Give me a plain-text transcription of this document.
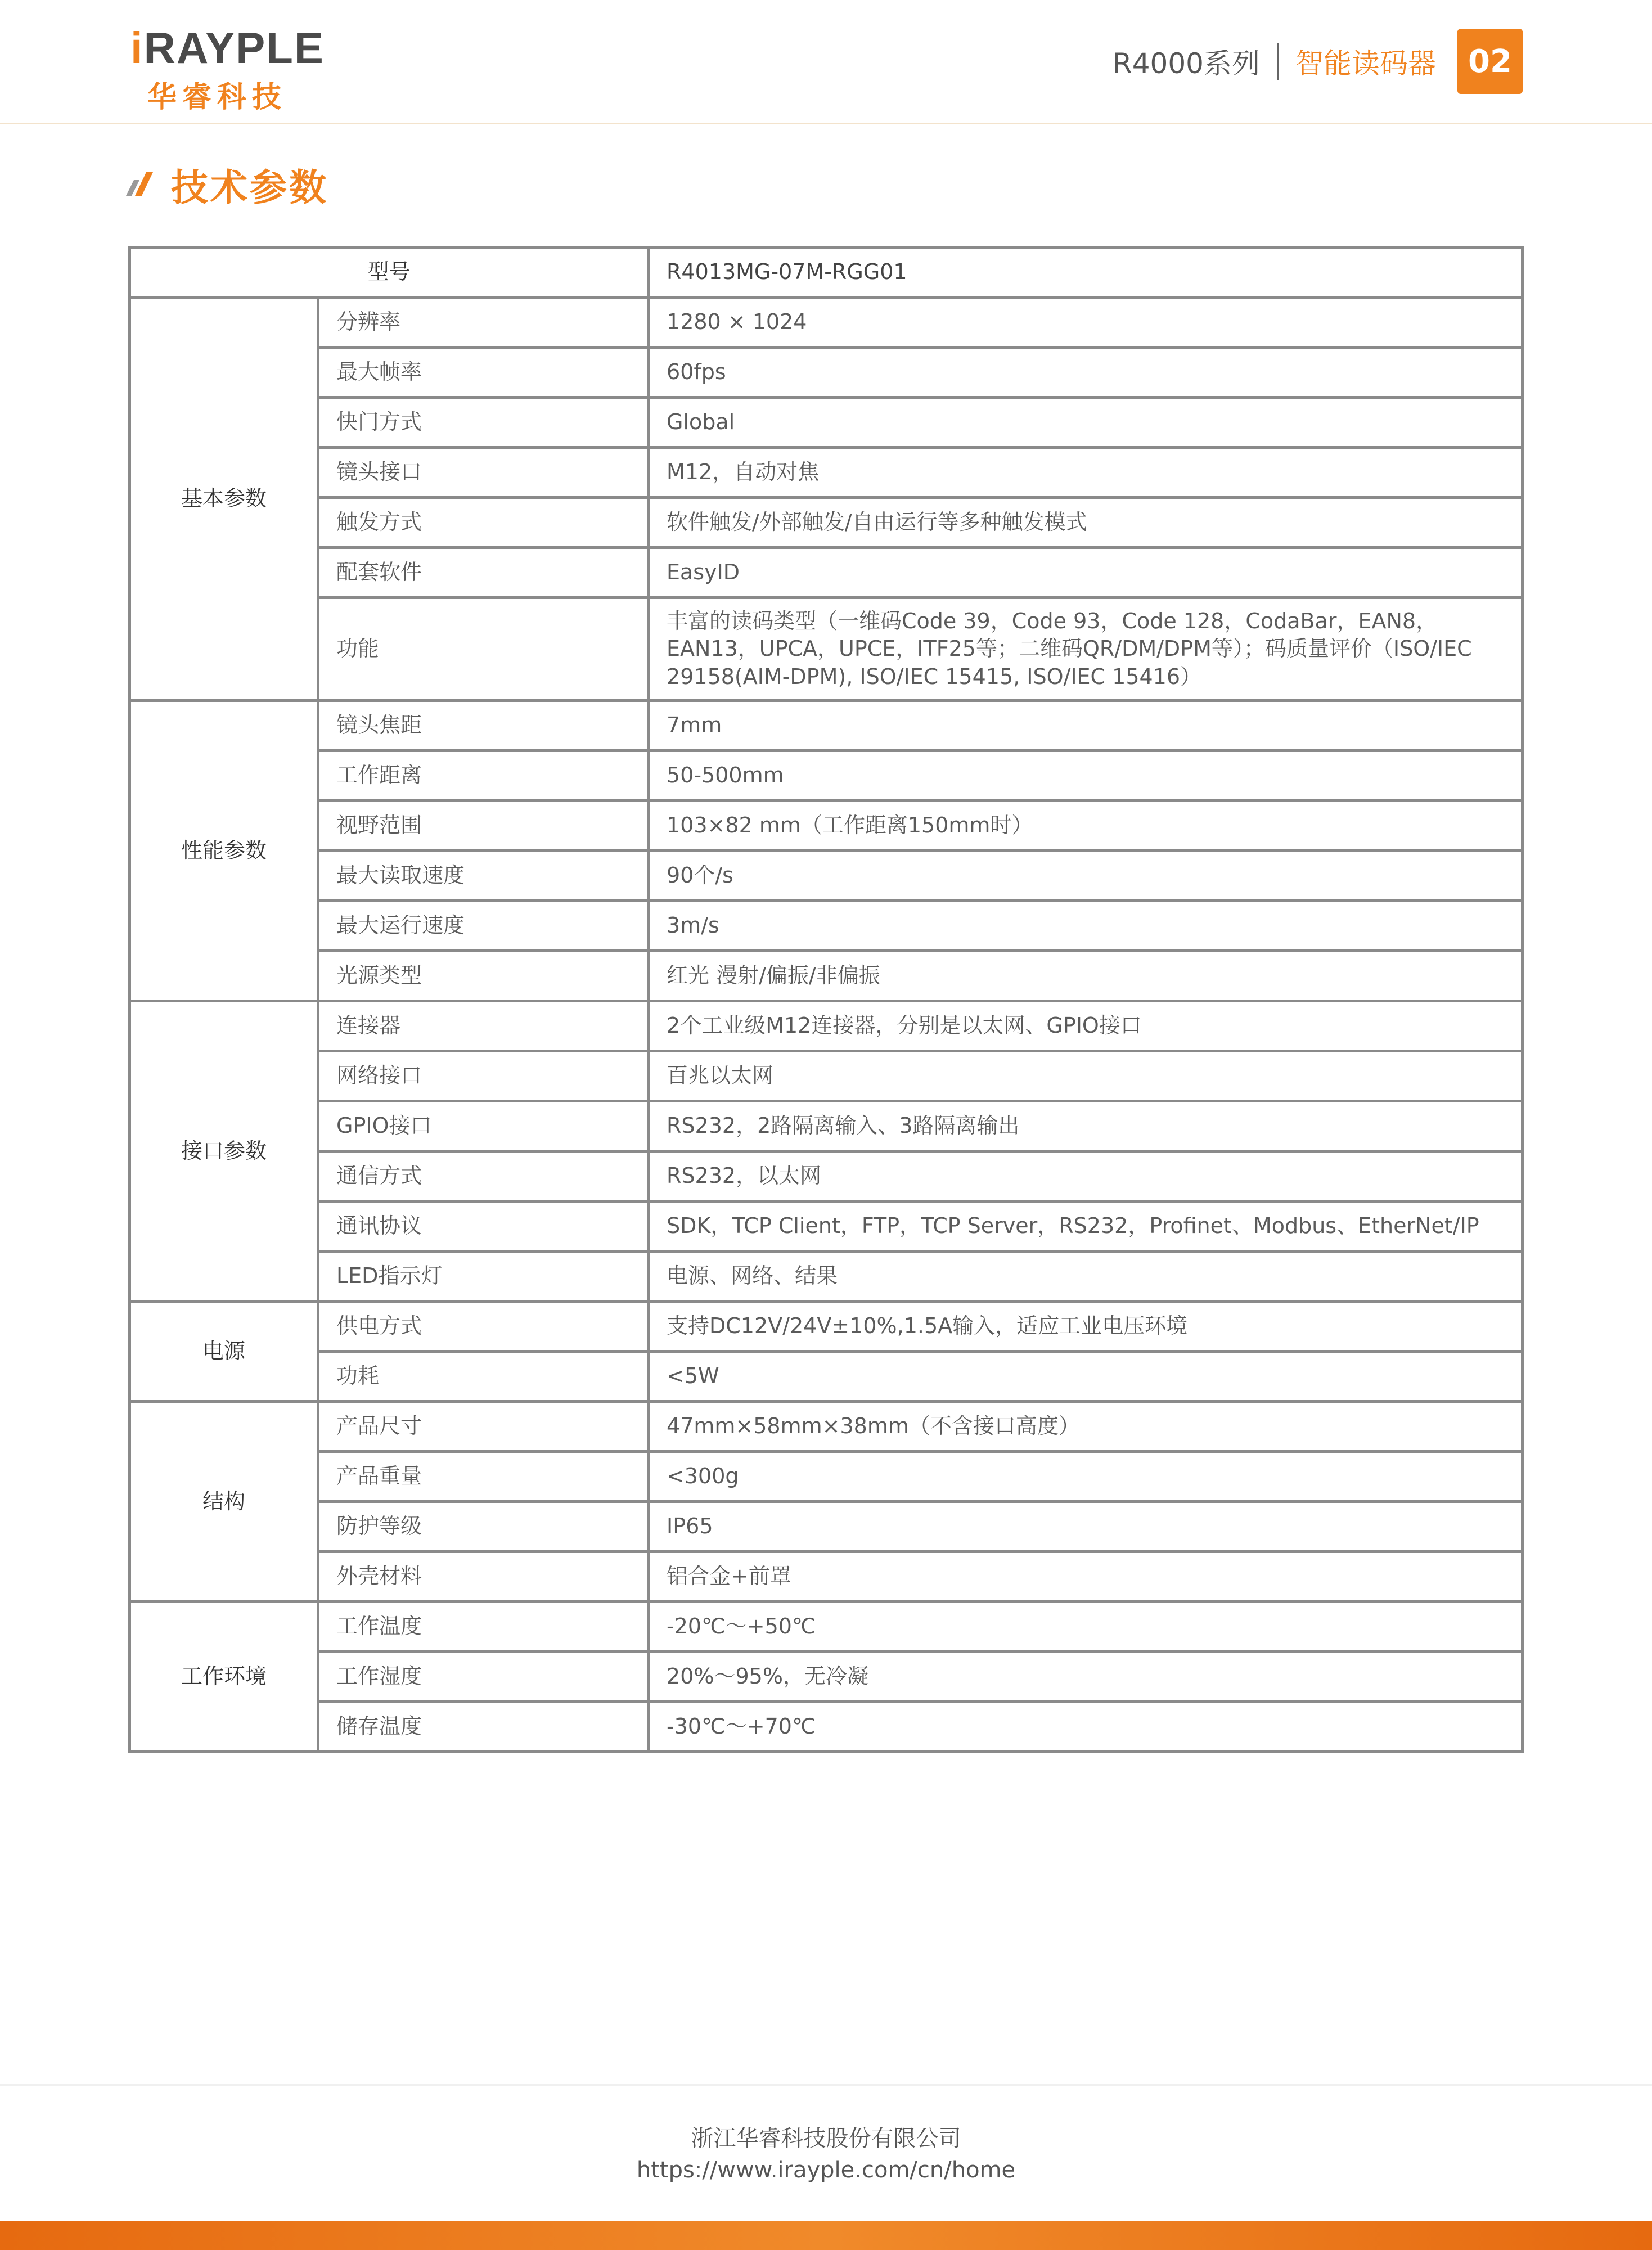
iRAYPLE
华睿科技
R4000系列 智能读码器	02
技术参数
型号		R4013MG-07M-RGG01
基本参数	分辨率	1280 × 1024
	最大帧率	60fps
	快门方式	Global
	镜头接口	M12，自动对焦
	触发方式	软件触发/外部触发/自由运行等多种触发模式
	配套软件	EasyID
	功能	丰富的读码类型（一维码Code 39，Code 93，Code 128，CodaBar，EAN8，EAN13，UPCA，UPCE，ITF25等；二维码QR/DM/DPM等）；码质量评价（ISO/IEC 29158(AIM-DPM), ISO/IEC 15415, ISO/IEC 15416）
性能参数	镜头焦距	7mm
	工作距离	50-500mm
	视野范围	103×82 mm（工作距离150mm时）
	最大读取速度	90个/s
	最大运行速度	3m/s
	光源类型	红光 漫射/偏振/非偏振
接口参数	连接器	2个工业级M12连接器，分别是以太网、GPIO接口
	网络接口	百兆以太网
	GPIO接口	RS232，2路隔离输入、3路隔离输出
	通信方式	RS232，以太网
	通讯协议	SDK，TCP Client，FTP，TCP Server，RS232，Profinet、Modbus、EtherNet/IP
	LED指示灯	电源、网络、结果
电源	供电方式	支持DC12V/24V±10%,1.5A输入，适应工业电压环境
	功耗	<5W
结构	产品尺寸	47mm×58mm×38mm（不含接口高度）
	产品重量	<300g
	防护等级	IP65
	外壳材料	铝合金+前罩
工作环境	工作温度	-20℃～+50℃
	工作湿度	20%～95%，无冷凝
	储存温度	-30℃～+70℃
浙江华睿科技股份有限公司
https://www.irayple.com/cn/home
